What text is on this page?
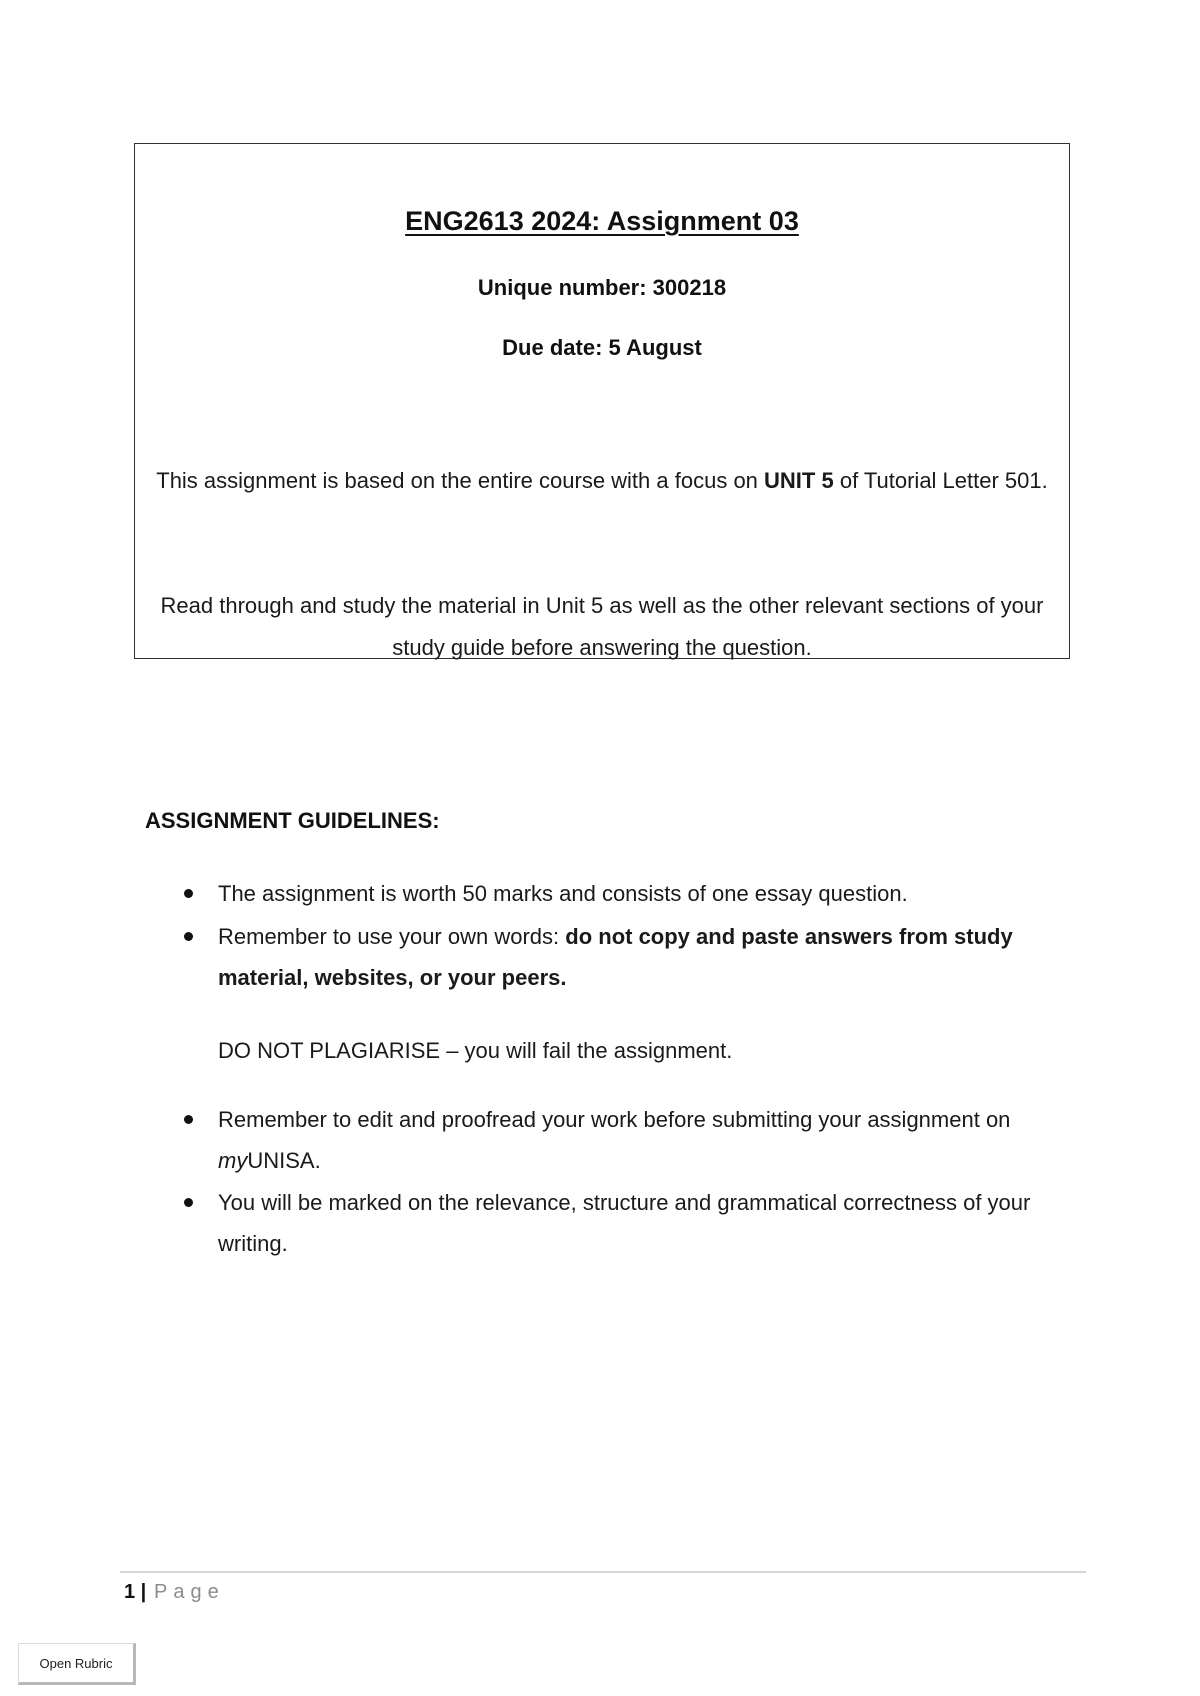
ENG2613 2024: Assignment 03
Unique number: 300218
Due date: 5 August
This assignment is based on the entire course with a focus on UNIT 5 of Tutorial Letter 501.
Read through and study the material in Unit 5 as well as the other relevant sections of your study guide before answering the question.
ASSIGNMENT GUIDELINES:
The assignment is worth 50 marks and consists of one essay question.
Remember to use your own words: do not copy and paste answers from study material, websites, or your peers.
DO NOT PLAGIARISE – you will fail the assignment.
Remember to edit and proofread your work before submitting your assignment on myUNISA.
You will be marked on the relevance, structure and grammatical correctness of your writing.
1 | Page
Open Rubric
